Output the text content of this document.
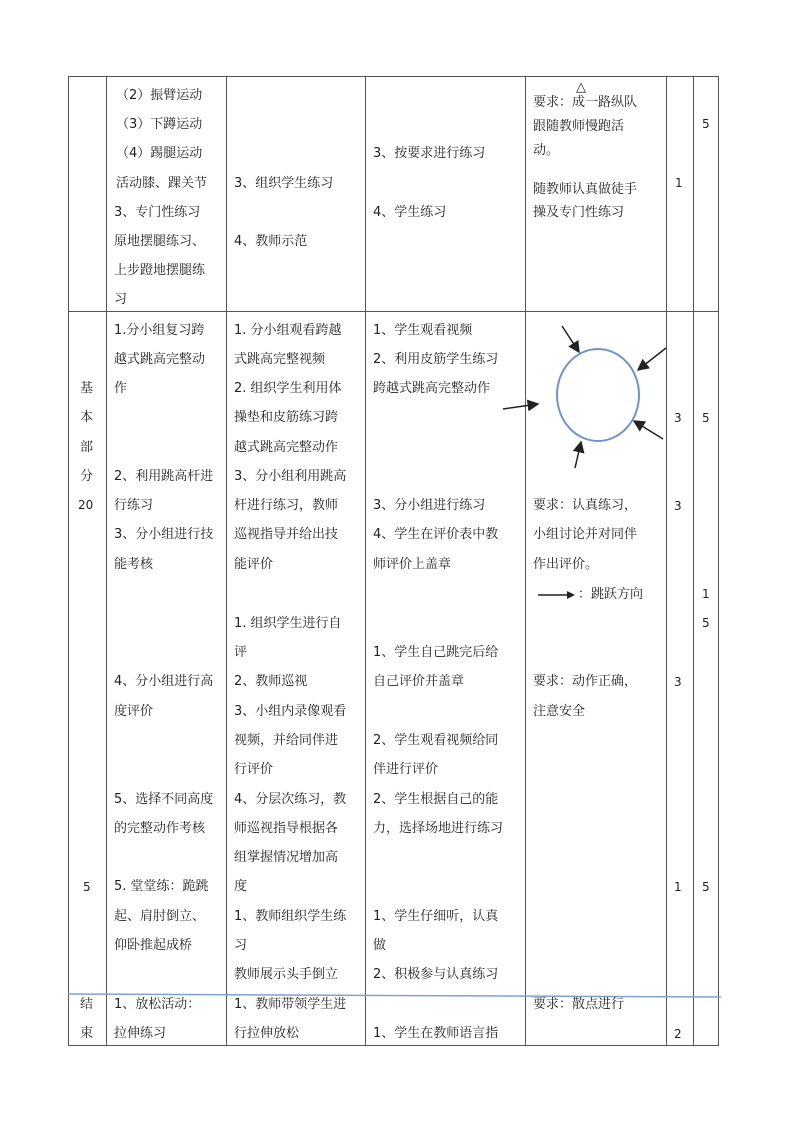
（2）振臂运动
（3）下蹲运动
（4）踢腿运动
活动膝、踝关节
3、专门性练习
原地摆腿练习、
上步蹬地摆腿练
习
3、组织学生练习
4、教师示范
3、按要求进行练习
4、学生练习
△
要求：成一路纵队
跟随教师慢跑活
动。
随教师认真做徒手
操及专门性练习
1
5
基
本
部
分
20
5
1.分小组复习跨
越式跳高完整动
作
2、利用跳高杆进
行练习
3、分小组进行技
能考核
4、分小组进行高
度评价
5、选择不同高度
的完整动作考核
5. 堂堂练：跪跳
起、肩肘倒立、
仰卧推起成桥
1. 分小组观看跨越
式跳高完整视频
2. 组织学生利用体
操垫和皮筋练习跨
越式跳高完整动作
3、分小组利用跳高
杆进行练习，教师
巡视指导并给出技
能评价
1. 组织学生进行自
评
2、教师巡视
3、小组内录像观看
视频，并给同伴进
行评价
4、分层次练习，教
师巡视指导根据各
组掌握情况增加高
度
1、教师组织学生练
习
教师展示头手倒立
1、学生观看视频
2、利用皮筋学生练习
跨越式跳高完整动作
3、分小组进行练习
4、学生在评价表中教
师评价上盖章
1、学生自己跳完后给
自己评价并盖章
2、学生观看视频给同
伴进行评价
2、学生根据自己的能
力，选择场地进行练习
1、学生仔细听，认真
做
2、积极参与认真练习
要求：认真练习，
小组讨论并对同伴
作出评价。
：跳跃方向
要求：动作正确，
注意安全
3
3
3
1
5
1
5
5
结
束
1、放松活动：
拉伸练习
1、教师带领学生进
行拉伸放松	1、学生在教师语言指
要求：散点进行
2
